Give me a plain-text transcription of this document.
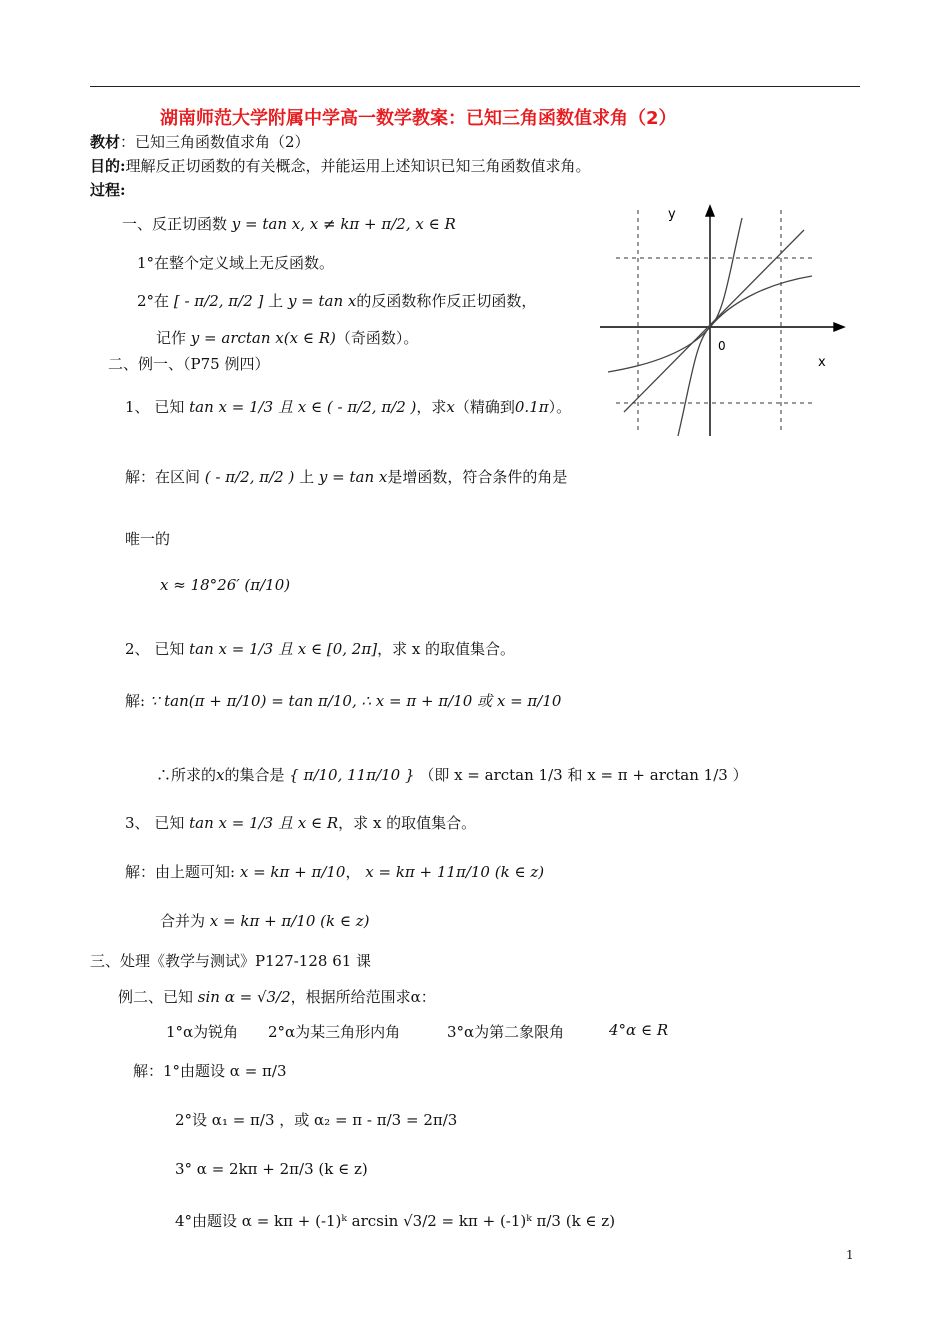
湖南师范大学附属中学高一数学教案：已知三角函数值求角（2）
教材：已知三角函数值求角（2）
目的:理解反正切函数的有关概念，并能运用上述知识已知三角函数值求角。
过程:
一、反正切函数 y = tan x, x ≠ kπ + π/2, x ∈ R
1°在整个定义域上无反函数。
2°在 [ - π/2, π/2 ] 上 y = tan x的反函数称作反正切函数，
记作 y = arctan x(x ∈ R)（奇函数）。
二、例一、（P75 例四）
1、 已知 tan x = 1/3 且 x ∈ ( - π/2, π/2 )，求x（精确到0.1π）。
解：在区间 ( - π/2, π/2 ) 上 y = tan x是增函数，符合条件的角是
唯一的
x ≈ 18°26′ (π/10)
2、 已知 tan x = 1/3 且 x ∈ [0, 2π]，求 x 的取值集合。
解: ∵ tan(π + π/10) = tan π/10, ∴ x = π + π/10 或 x = π/10
∴所求的x的集合是 { π/10, 11π/10 } （即 x = arctan 1/3 和 x = π + arctan 1/3 ）
3、 已知 tan x = 1/3 且 x ∈ R，求 x 的取值集合。
解：由上题可知: x = kπ + π/10， x = kπ + 11π/10 (k ∈ z)
合并为 x = kπ + π/10 (k ∈ z)
三、处理《教学与测试》P127-128 61 课
例二、已知 sin α = √3/2，根据所给范围求α：
1°α为锐角 2°α为某三角形内角	3°α为第二象限角	4°α ∈ R
解：1°由题设 α = π/3
2°设 α₁ = π/3 ，或 α₂ = π - π/3 = 2π/3
3° α = 2kπ + 2π/3 (k ∈ z)
4°由题设 α = kπ + (-1)ᵏ arcsin √3/2 = kπ + (-1)ᵏ π/3 (k ∈ z)
y
x
0
1
